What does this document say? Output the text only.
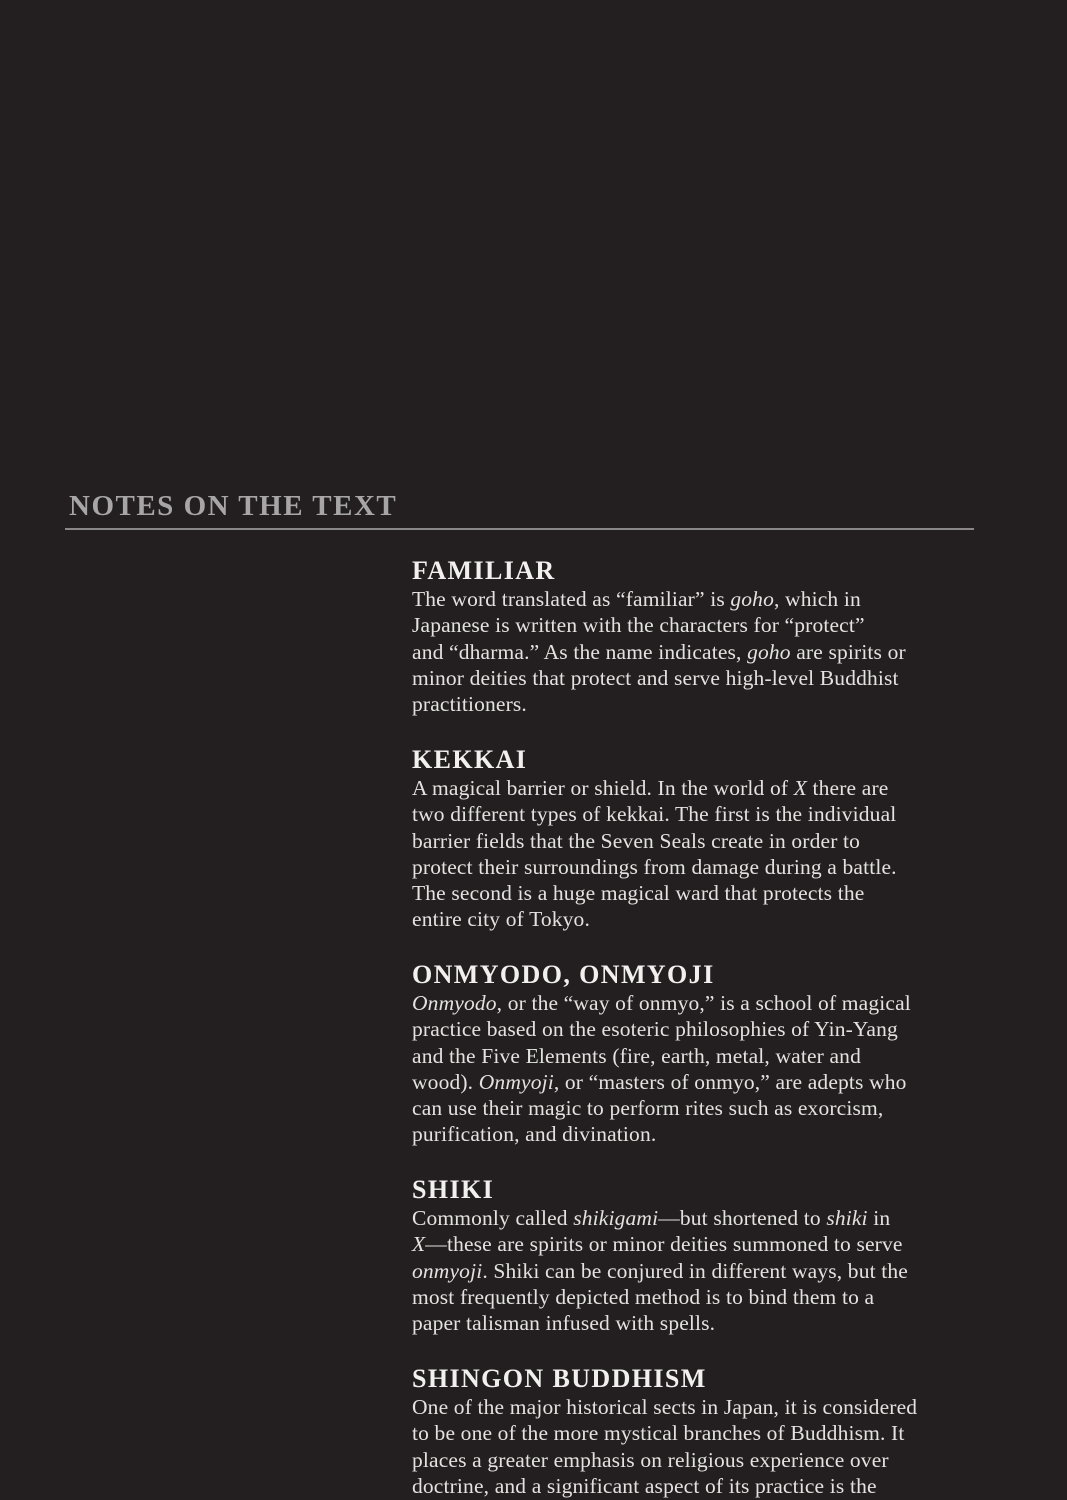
NOTES ON THE TEXT
FAMILIAR

The word translated as “familiar” is goho, which in
Japanese is written with the characters for “protect”
and “dharma.” As the name indicates, goho are spirits or
minor deities that protect and serve high-level Buddhist
practitioners.

KEKKAI

A magical barrier or shield. In the world of X there are
two different types of kekkai. The first is the individual
barrier fields that the Seven Seals create in order to
protect their surroundings from damage during a battle.
The second is a huge magical ward that protects the
entire city of Tokyo.

ONMYODO, ONMYOJI

Onmyodo, or the “way of onmyo,” is a school of magical
practice based on the esoteric philosophies of Yin-Yang
and the Five Elements (fire, earth, metal, water and
wood). Onmyoji, or “masters of onmyo,” are adepts who
can use their magic to perform rites such as exorcism,
purification, and divination.

SHIKI

Commonly called shikigami—but shortened to shiki in
X—these are spirits or minor deities summoned to serve
onmyoji. Shiki can be conjured in different ways, but the
most frequently depicted method is to bind them to a
paper talisman infused with spells.

SHINGON BUDDHISM

One of the major historical sects in Japan, it is considered
to be one of the more mystical branches of Buddhism. It
places a greater emphasis on religious experience over
doctrine, and a significant aspect of its practice is the
